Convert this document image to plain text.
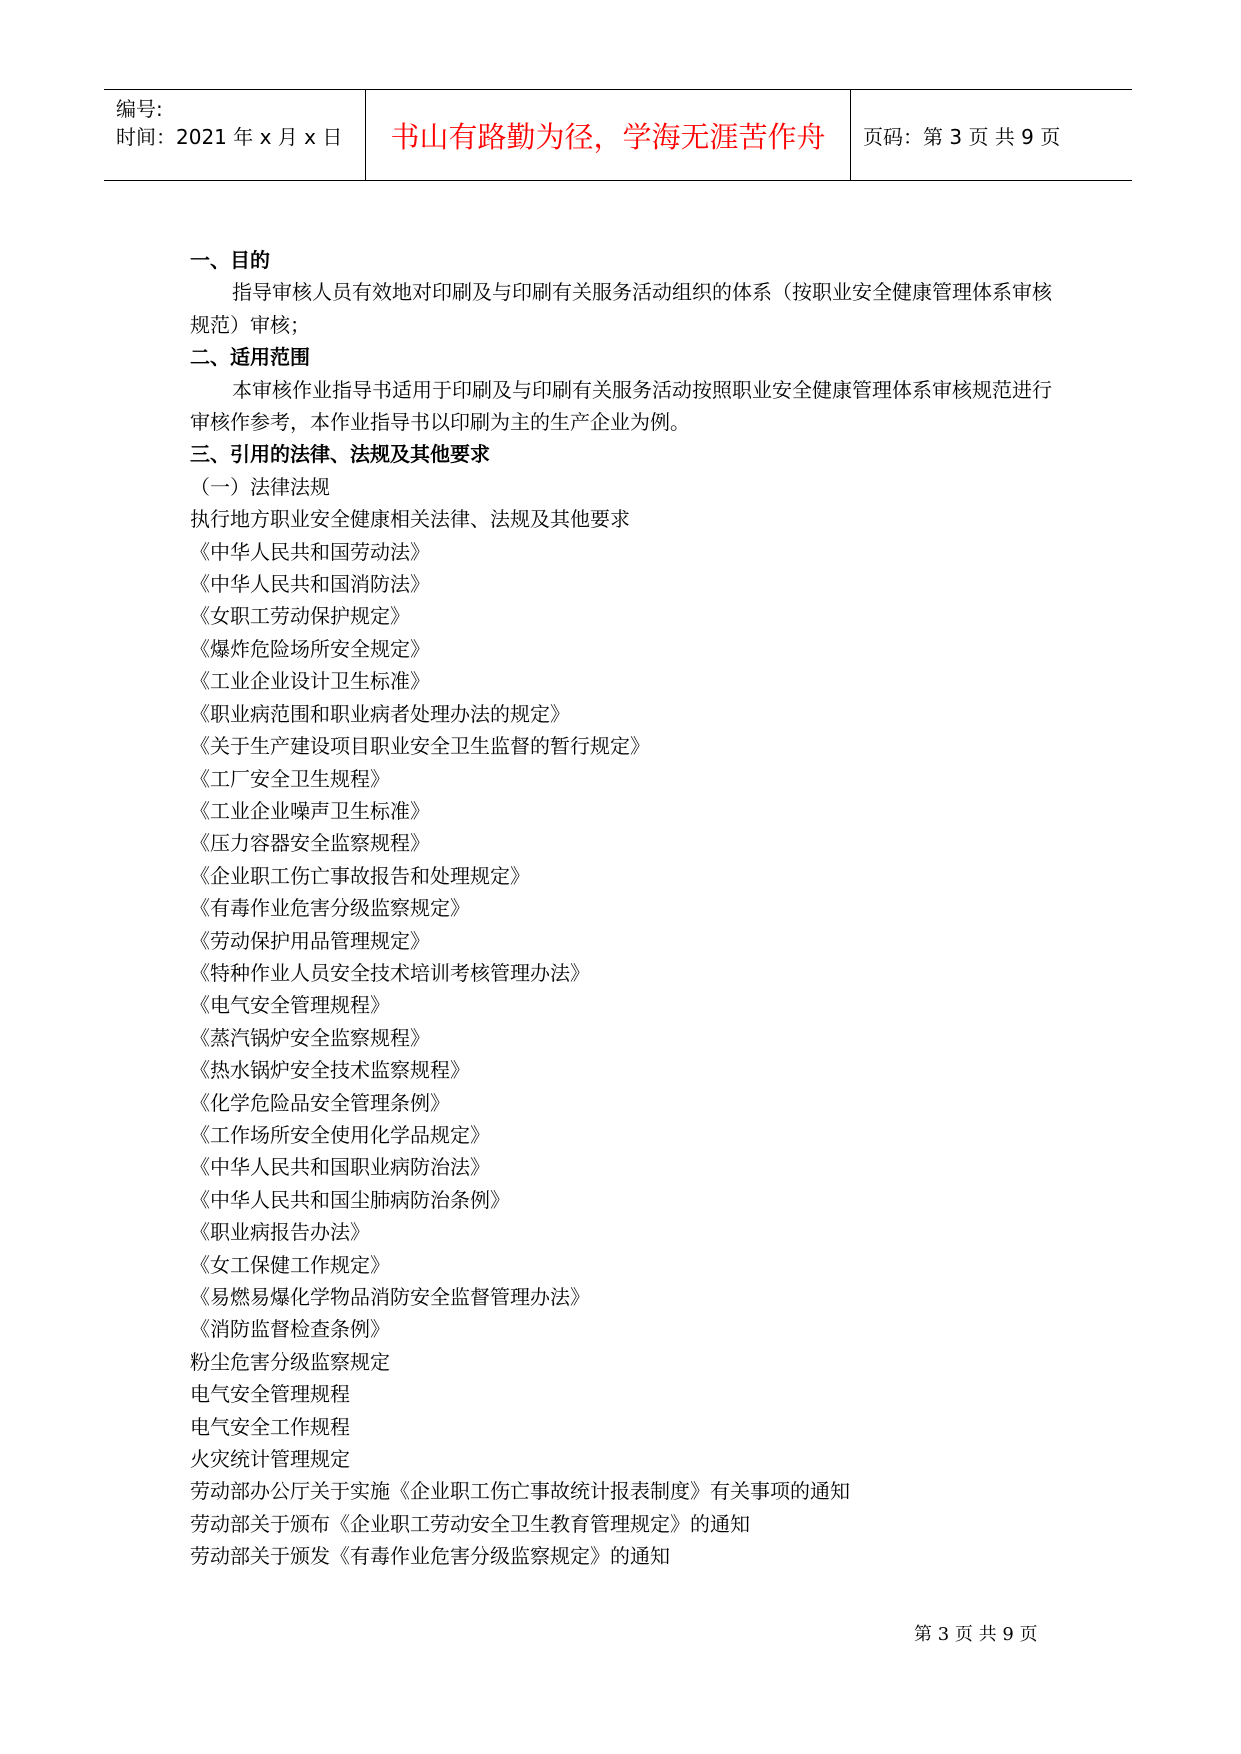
编号:
时间：2021 年 x 月 x 日	书山有路勤为径，学海无涯苦作舟	页码：第 3 页 共 9 页

一、目的

指导审核人员有效地对印刷及与印刷有关服务活动组织的体系（按职业安全健康管理体系审核规范）审核；

二、适用范围

本审核作业指导书适用于印刷及与印刷有关服务活动按照职业安全健康管理体系审核规范进行审核作参考，本作业指导书以印刷为主的生产企业为例。

三、引用的法律、法规及其他要求

（一）法律法规

执行地方职业安全健康相关法律、法规及其他要求

《中华人民共和国劳动法》

《中华人民共和国消防法》

《女职工劳动保护规定》

《爆炸危险场所安全规定》

《工业企业设计卫生标准》

《职业病范围和职业病者处理办法的规定》

《关于生产建设项目职业安全卫生监督的暂行规定》

《工厂安全卫生规程》

《工业企业噪声卫生标准》

《压力容器安全监察规程》

《企业职工伤亡事故报告和处理规定》

《有毒作业危害分级监察规定》

《劳动保护用品管理规定》

《特种作业人员安全技术培训考核管理办法》

《电气安全管理规程》

《蒸汽锅炉安全监察规程》

《热水锅炉安全技术监察规程》

《化学危险品安全管理条例》

《工作场所安全使用化学品规定》

《中华人民共和国职业病防治法》

《中华人民共和国尘肺病防治条例》

《职业病报告办法》

《女工保健工作规定》

《易燃易爆化学物品消防安全监督管理办法》

《消防监督检查条例》

粉尘危害分级监察规定

电气安全管理规程

电气安全工作规程

火灾统计管理规定

劳动部办公厅关于实施《企业职工伤亡事故统计报表制度》有关事项的通知

劳动部关于颁布《企业职工劳动安全卫生教育管理规定》的通知

劳动部关于颁发《有毒作业危害分级监察规定》的通知

第 3 页 共 9 页
